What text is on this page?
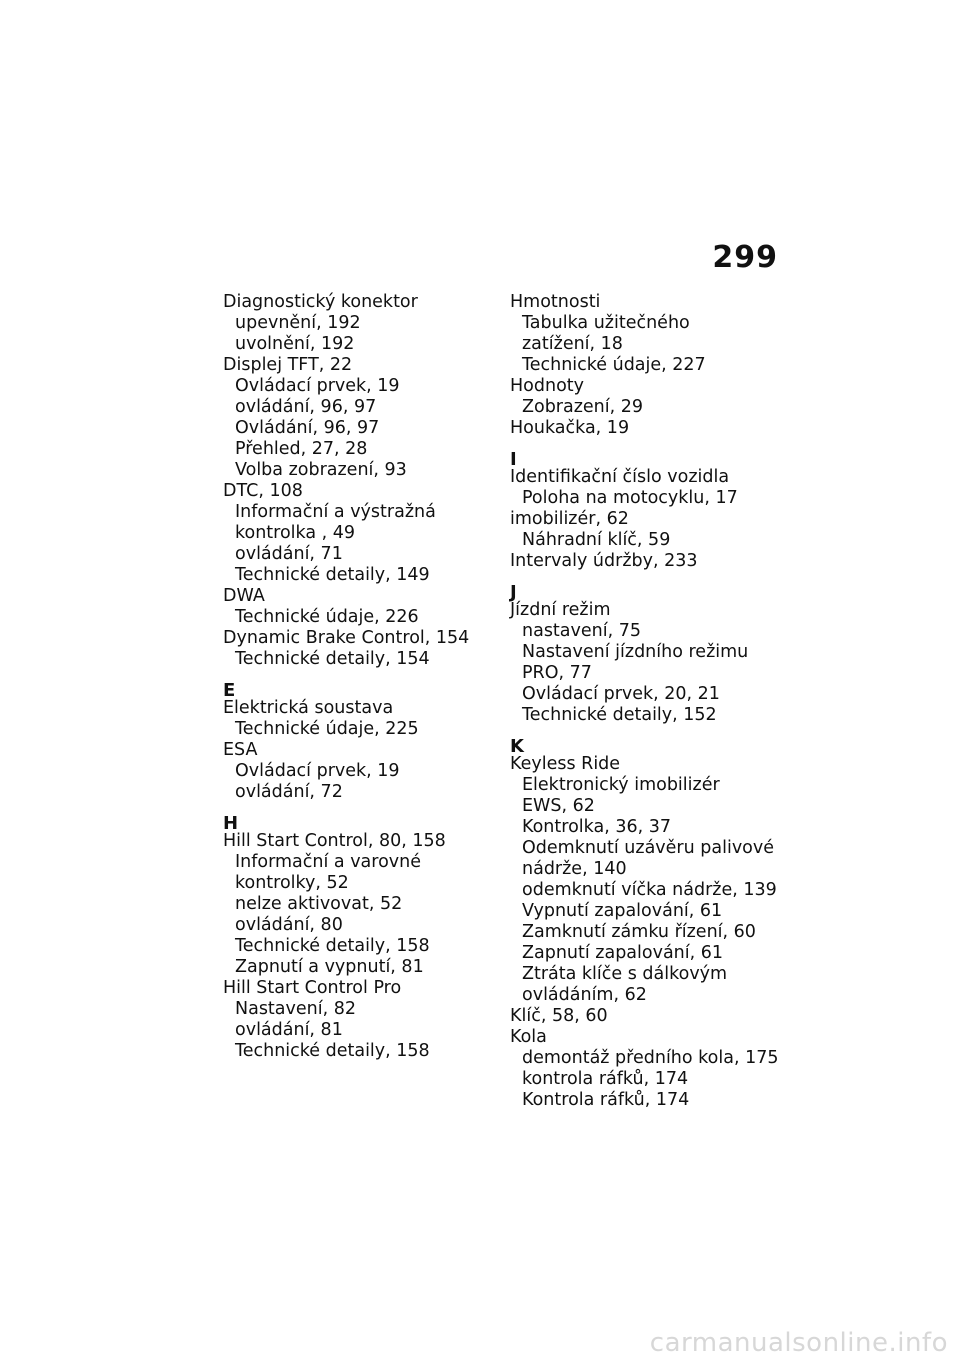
299
Diagnostický konektor
upevnění, 192
uvolnění, 192
Displej TFT, 22
Ovládací prvek, 19
ovládání, 96, 97
Ovládání, 96, 97
Přehled, 27, 28
Volba zobrazení, 93
DTC, 108
Informační a výstražná
kontrolka , 49
ovládání, 71
Technické detaily, 149
DWA
Technické údaje, 226
Dynamic Brake Control, 154
Technické detaily, 154
E
Elektrická soustava
Technické údaje, 225
ESA
Ovládací prvek, 19
ovládání, 72
H
Hill Start Control, 80, 158
Informační a varovné
kontrolky, 52
nelze aktivovat, 52
ovládání, 80
Technické detaily, 158
Zapnutí a vypnutí, 81
Hill Start Control Pro
Nastavení, 82
ovládání, 81
Technické detaily, 158
Hmotnosti
Tabulka užitečného
zatížení, 18
Technické údaje, 227
Hodnoty
Zobrazení, 29
Houkačka, 19
I
Identifikační číslo vozidla
Poloha na motocyklu, 17
imobilizér, 62
Náhradní klíč, 59
Intervaly údržby, 233
J
Jízdní režim
nastavení, 75
Nastavení jízdního režimu
PRO, 77
Ovládací prvek, 20, 21
Technické detaily, 152
K
Keyless Ride
Elektronický imobilizér
EWS, 62
Kontrolka, 36, 37
Odemknutí uzávěru palivové
nádrže, 140
odemknutí víčka nádrže, 139
Vypnutí zapalování, 61
Zamknutí zámku řízení, 60
Zapnutí zapalování, 61
Ztráta klíče s dálkovým
ovládáním, 62
Klíč, 58, 60
Kola
demontáž předního kola, 175
kontrola ráfků, 174
Kontrola ráfků, 174
carmanualsonline.info
